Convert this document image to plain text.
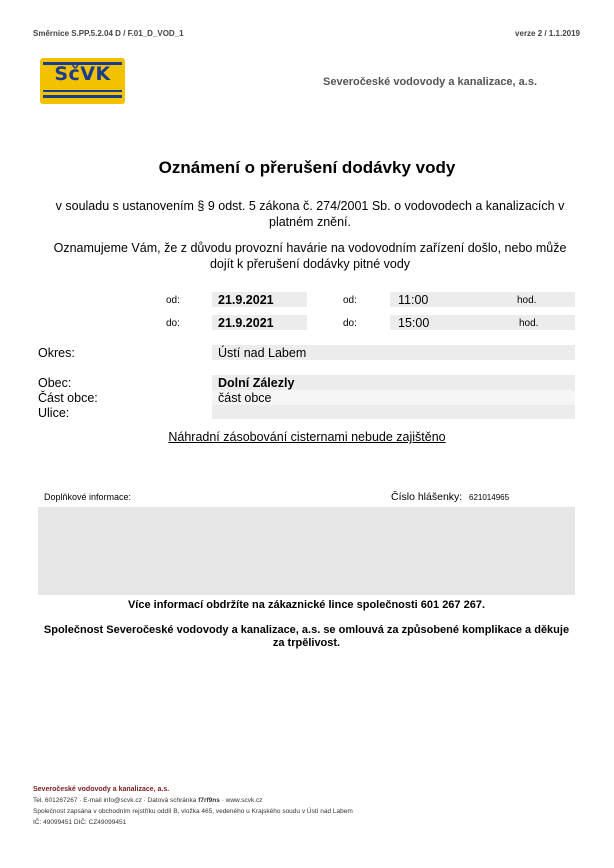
Směrnice S.PP.5.2.04 D / F.01_D_VOD_1	verze 2 / 1.1.2019
SčVK	Severočeské vodovody a kanalizace, a.s.
Oznámení o přerušení dodávky vody
v souladu s ustanovením § 9 odst. 5 zákona č. 274/2001 Sb. o vodovodech a kanalizacích v platném znění.
Oznamujeme Vám, že z důvodu provozní havárie na vodovodním zařízení došlo, nebo může dojít k přerušení dodávky pitné vody
od:	21.9.2021	od:	11:00	hod.
do:	21.9.2021	do:	15:00	hod.
Okres:	Ústí nad Labem
Obec:	Dolní Zálezly
Část obce:	část obce
Ulice:
Náhradní zásobování cisternami nebude zajištěno
Doplňkové informace:	Číslo hlášenky: 621014965
Více informací obdržíte na zákaznické lince společnosti 601 267 267.
Společnost Severočeské vodovody a kanalizace, a.s. se omlouvá za způsobené komplikace a děkuje za trpělivost.
Severočeské vodovody a kanalizace, a.s.
Tel. 601267267 · E-mail info@scvk.cz · Datová schránka f7rf9ns · www.scvk.cz
Společnost zapsána v obchodním rejstříku oddíl B, vložka 465, vedeného u Krajského soudu v Ústí nad Labem
IČ: 49099451 DIČ: CZ49099451
